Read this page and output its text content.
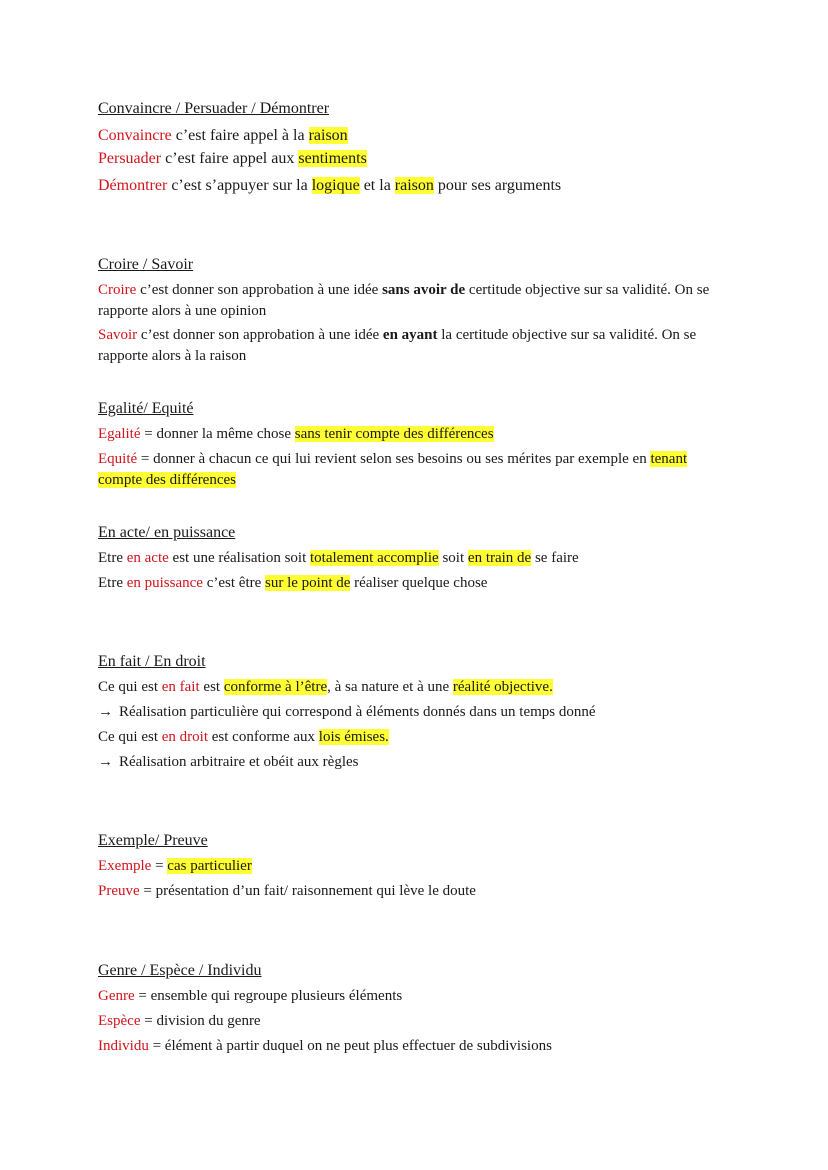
Convaincre / Persuader / Démontrer

Convaincre c’est faire appel à la raison

Persuader c’est faire appel aux sentiments

Démontrer c’est s’appuyer sur la logique et la raison pour ses arguments

Croire / Savoir

Croire c’est donner son approbation à une idée sans avoir de certitude objective sur sa validité. On se rapporte alors à une opinion

Savoir c’est donner son approbation à une idée en ayant la certitude objective sur sa validité. On se rapporte alors à la raison

Egalité/ Equité

Egalité = donner la même chose sans tenir compte des différences

Equité = donner à chacun ce qui lui revient selon ses besoins ou ses mérites par exemple en tenant compte des différences

En acte/ en puissance

Etre en acte est une réalisation soit totalement accomplie soit en train de se faire

Etre en puissance c’est être sur le point de réaliser quelque chose

En fait / En droit

Ce qui est en fait est conforme à l’être, à sa nature et à une réalité objective.

→ Réalisation particulière qui correspond à éléments donnés dans un temps donné

Ce qui est en droit est conforme aux lois émises.

→ Réalisation arbitraire et obéit aux règles

Exemple/ Preuve

Exemple = cas particulier

Preuve = présentation d’un fait/ raisonnement qui lève le doute

Genre / Espèce / Individu

Genre = ensemble qui regroupe plusieurs éléments

Espèce = division du genre

Individu = élément à partir duquel on ne peut plus effectuer de subdivisions
